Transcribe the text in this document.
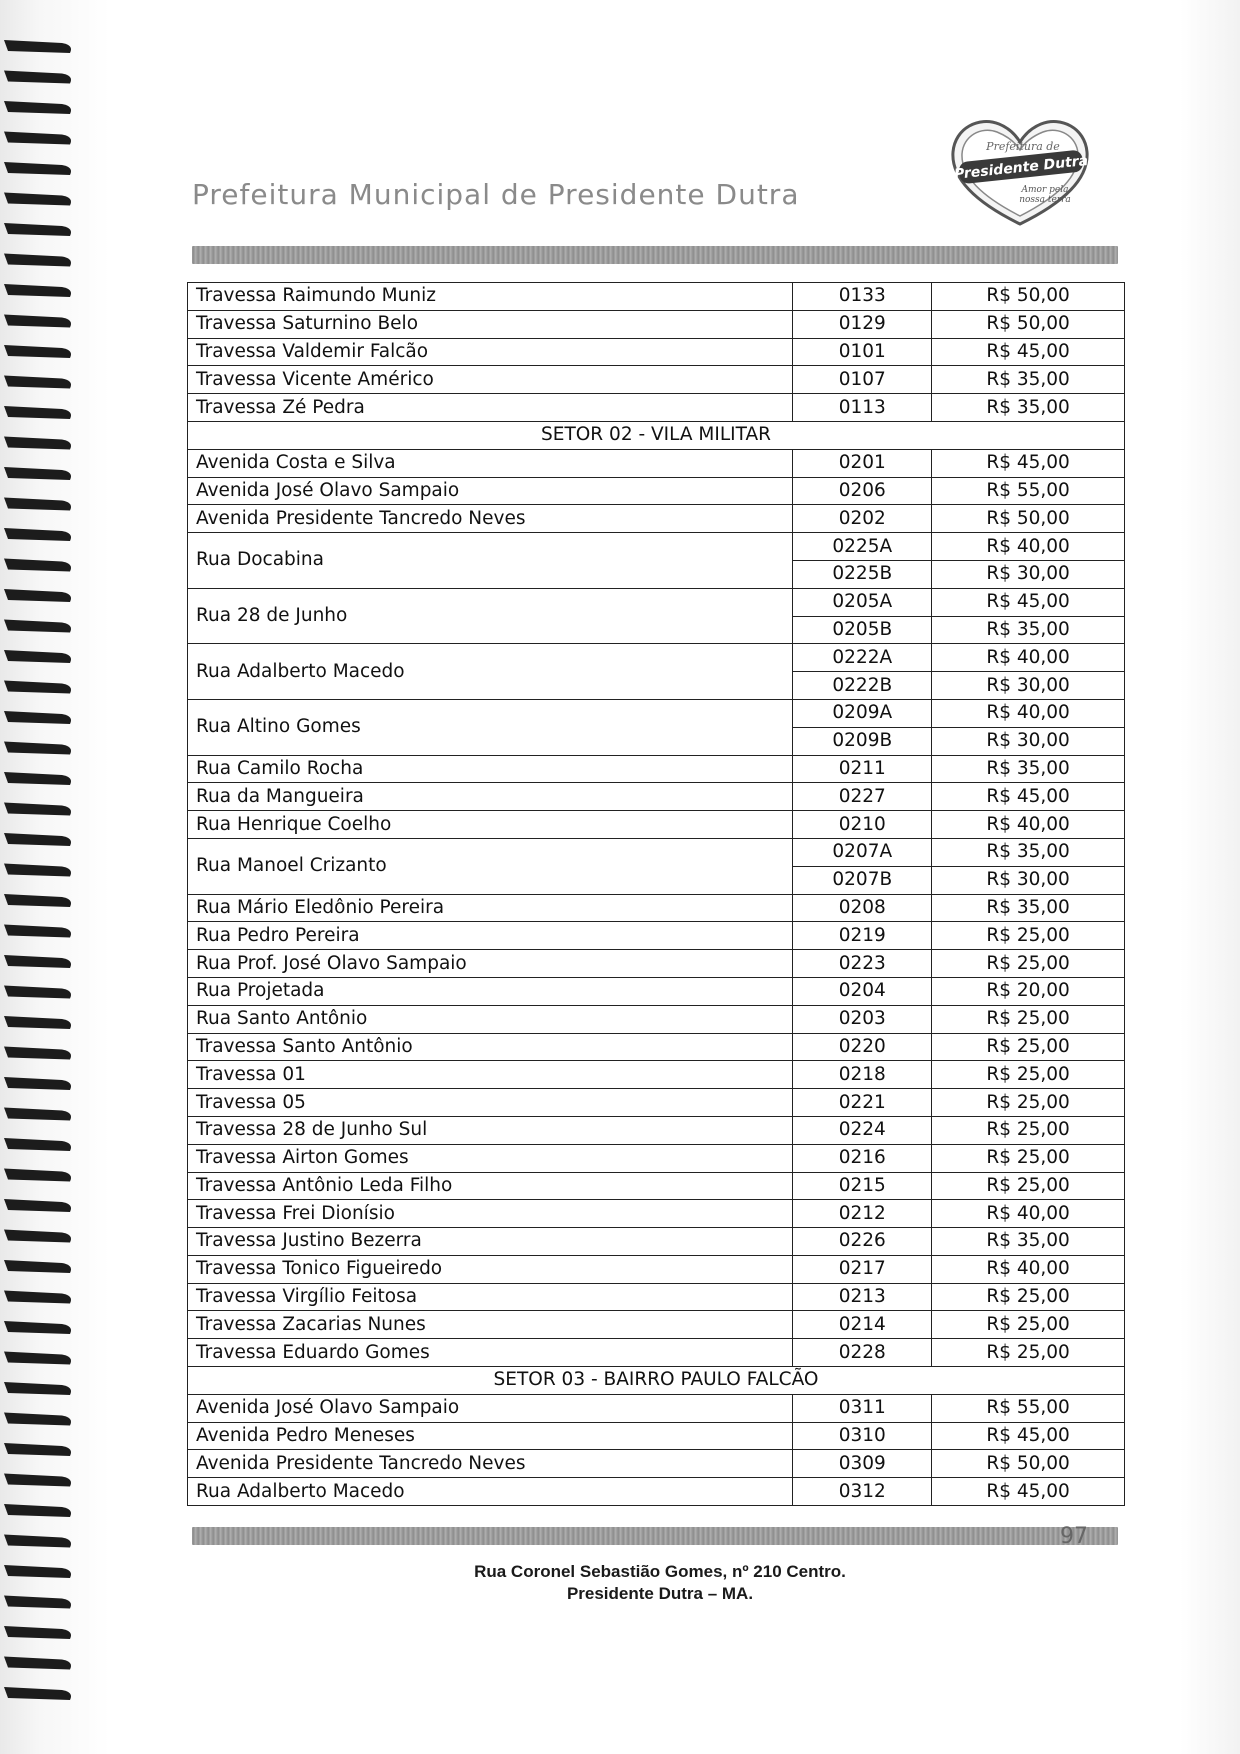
Prefeitura Municipal de Presidente Dutra
Prefeitura de
Presidente Dutra
Amor pela
nossa terra
Travessa Raimundo Muniz	0133	R$ 50,00
Travessa Saturnino Belo	0129	R$ 50,00
Travessa Valdemir Falcão	0101	R$ 45,00
Travessa Vicente Américo	0107	R$ 35,00
Travessa Zé Pedra	0113	R$ 35,00
SETOR 02 - VILA MILITAR		
Avenida Costa e Silva	0201	R$ 45,00
Avenida José Olavo Sampaio	0206	R$ 55,00
Avenida Presidente Tancredo Neves	0202	R$ 50,00
Rua Docabina	0225A	R$ 40,00
	0225B	R$ 30,00
Rua 28 de Junho	0205A	R$ 45,00
	0205B	R$ 35,00
Rua Adalberto Macedo	0222A	R$ 40,00
	0222B	R$ 30,00
Rua Altino Gomes	0209A	R$ 40,00
	0209B	R$ 30,00
Rua Camilo Rocha	0211	R$ 35,00
Rua da Mangueira	0227	R$ 45,00
Rua Henrique Coelho	0210	R$ 40,00
Rua Manoel Crizanto	0207A	R$ 35,00
	0207B	R$ 30,00
Rua Mário Eledônio Pereira	0208	R$ 35,00
Rua Pedro Pereira	0219	R$ 25,00
Rua Prof. José Olavo Sampaio	0223	R$ 25,00
Rua Projetada	0204	R$ 20,00
Rua Santo Antônio	0203	R$ 25,00
Travessa Santo Antônio	0220	R$ 25,00
Travessa 01	0218	R$ 25,00
Travessa 05	0221	R$ 25,00
Travessa 28 de Junho Sul	0224	R$ 25,00
Travessa Airton Gomes	0216	R$ 25,00
Travessa Antônio Leda Filho	0215	R$ 25,00
Travessa Frei Dionísio	0212	R$ 40,00
Travessa Justino Bezerra	0226	R$ 35,00
Travessa Tonico Figueiredo	0217	R$ 40,00
Travessa Virgílio Feitosa	0213	R$ 25,00
Travessa Zacarias Nunes	0214	R$ 25,00
Travessa Eduardo Gomes	0228	R$ 25,00
SETOR 03 - BAIRRO PAULO FALCÃO		
Avenida José Olavo Sampaio	0311	R$ 55,00
Avenida Pedro Meneses	0310	R$ 45,00
Avenida Presidente Tancredo Neves	0309	R$ 50,00
Rua Adalberto Macedo	0312	R$ 45,00
97
Rua Coronel Sebastião Gomes, nº 210 Centro.
Presidente Dutra – MA.
